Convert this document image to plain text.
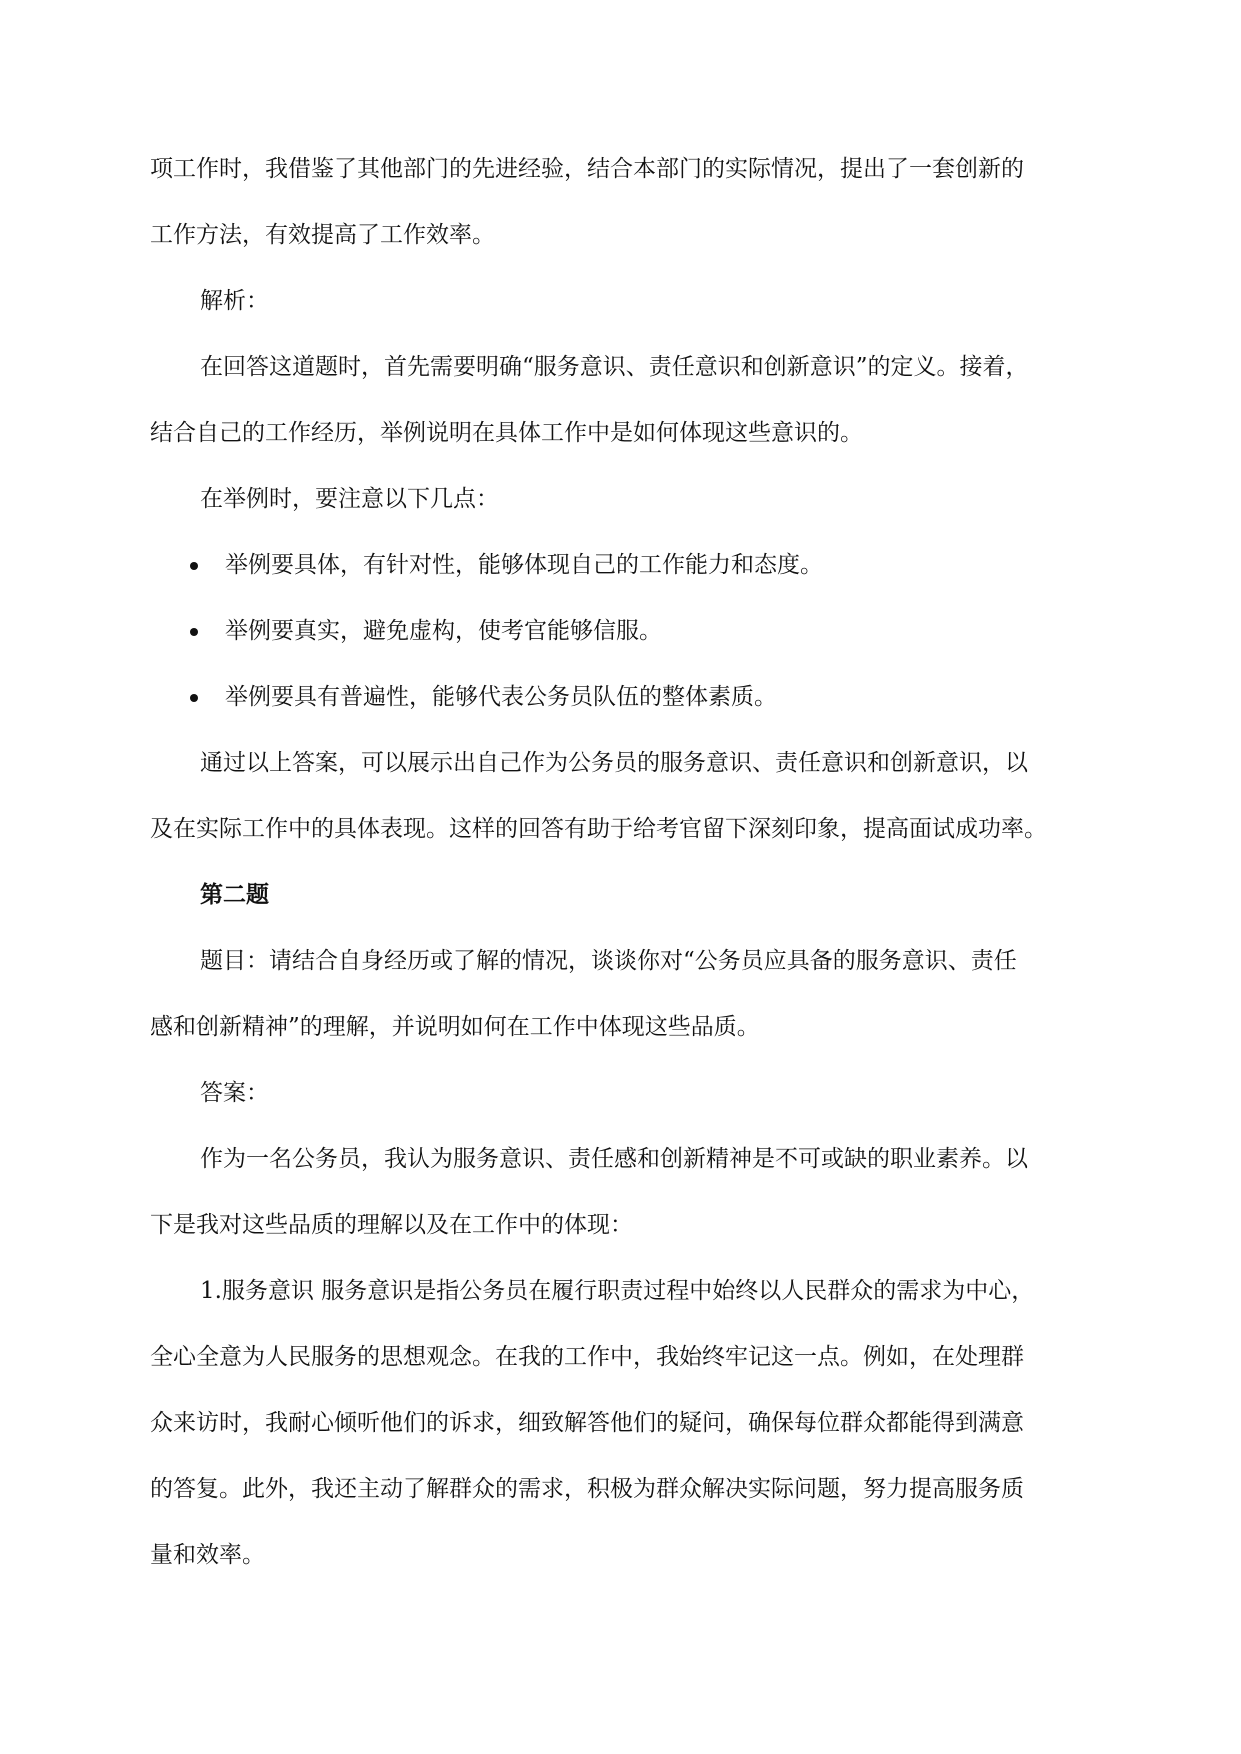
项工作时，我借鉴了其他部门的先进经验，结合本部门的实际情况，提出了一套创新的
工作方法，有效提高了工作效率。

解析：

在回答这道题时，首先需要明确“服务意识、责任意识和创新意识”的定义。接着，
结合自己的工作经历，举例说明在具体工作中是如何体现这些意识的。

在举例时，要注意以下几点：

举例要具体，有针对性，能够体现自己的工作能力和态度。
举例要真实，避免虚构，使考官能够信服。
举例要具有普遍性，能够代表公务员队伍的整体素质。

通过以上答案，可以展示出自己作为公务员的服务意识、责任意识和创新意识，以
及在实际工作中的具体表现。这样的回答有助于给考官留下深刻印象，提高面试成功率。

第二题

题目：请结合自身经历或了解的情况，谈谈你对“公务员应具备的服务意识、责任
感和创新精神”的理解，并说明如何在工作中体现这些品质。

答案：

作为一名公务员，我认为服务意识、责任感和创新精神是不可或缺的职业素养。以
下是我对这些品质的理解以及在工作中的体现：

1.服务意识 服务意识是指公务员在履行职责过程中始终以人民群众的需求为中心，
全心全意为人民服务的思想观念。在我的工作中，我始终牢记这一点。例如，在处理群
众来访时，我耐心倾听他们的诉求，细致解答他们的疑问，确保每位群众都能得到满意
的答复。此外，我还主动了解群众的需求，积极为群众解决实际问题，努力提高服务质
量和效率。
